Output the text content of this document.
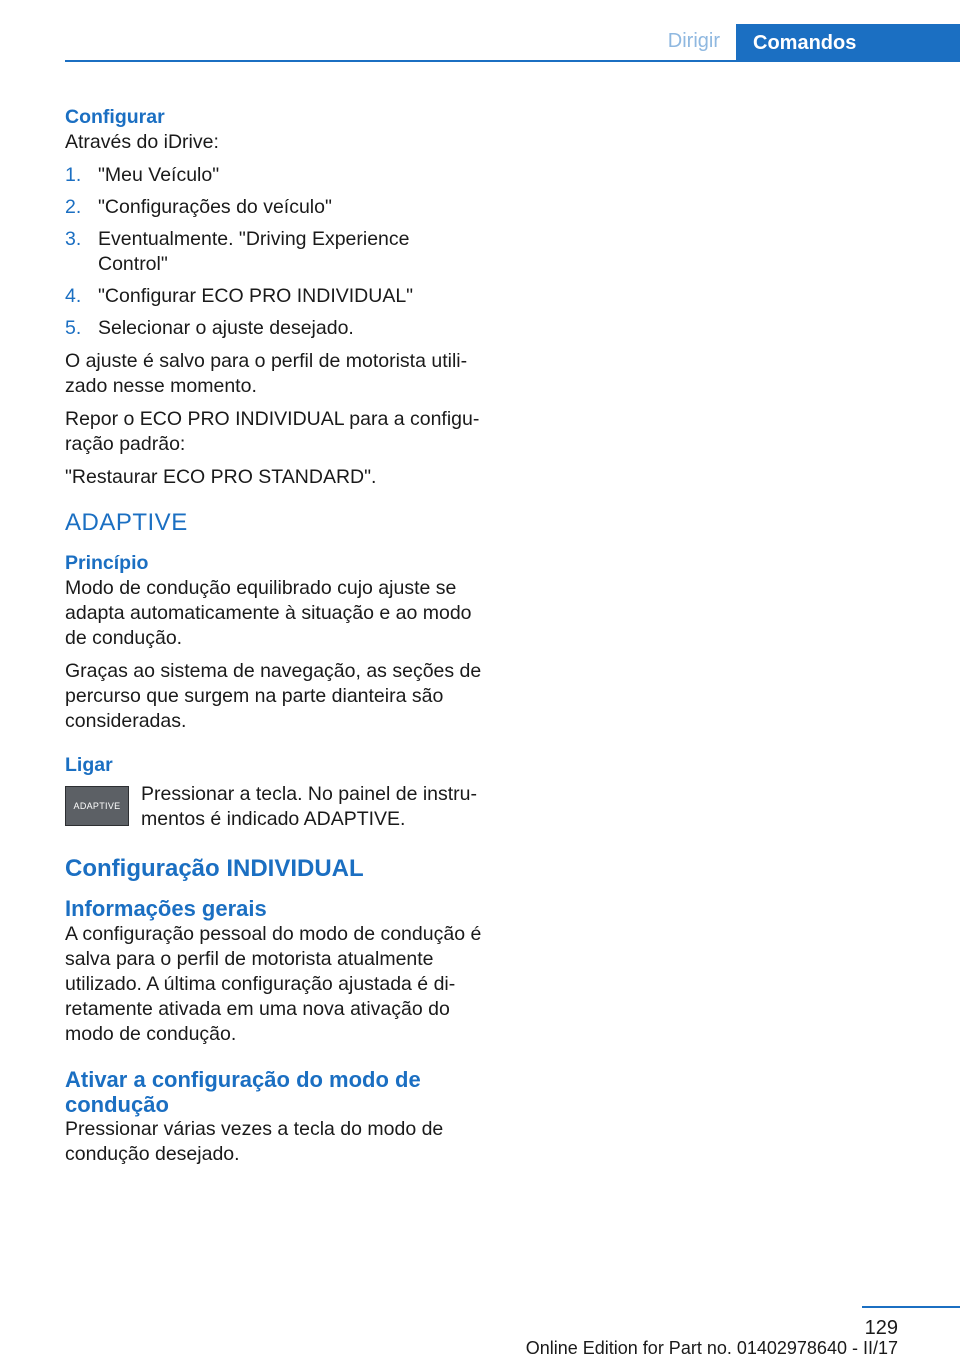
Dirigir	Comandos
Configurar

Através do iDrive:

1. "Meu Veículo"
2. "Configurações do veículo"
3. Eventualmente. "Driving Experience Control"
4. "Configurar ECO PRO INDIVIDUAL"
5. Selecionar o ajuste desejado.

O ajuste é salvo para o perfil de motorista utilizado nesse momento.

Repor o ECO PRO INDIVIDUAL para a configuração padrão:

"Restaurar ECO PRO STANDARD".

ADAPTIVE
Princípio

Modo de condução equilibrado cujo ajuste se adapta automaticamente à situação e ao modo de condução.

Graças ao sistema de navegação, as seções de percurso que surgem na parte dianteira são consideradas.

Ligar
ADAPTIVE

Pressionar a tecla. No painel de instrumentos é indicado ADAPTIVE.

Configuração INDIVIDUAL
Informações gerais

A configuração pessoal do modo de condução é salva para o perfil de motorista atualmente utilizado. A última configuração ajustada é diretamente ativada em uma nova ativação do modo de condução.

Ativar a configuração do modo de condução

Pressionar várias vezes a tecla do modo de condução desejado.

129
Online Edition for Part no. 01402978640 - II/17
